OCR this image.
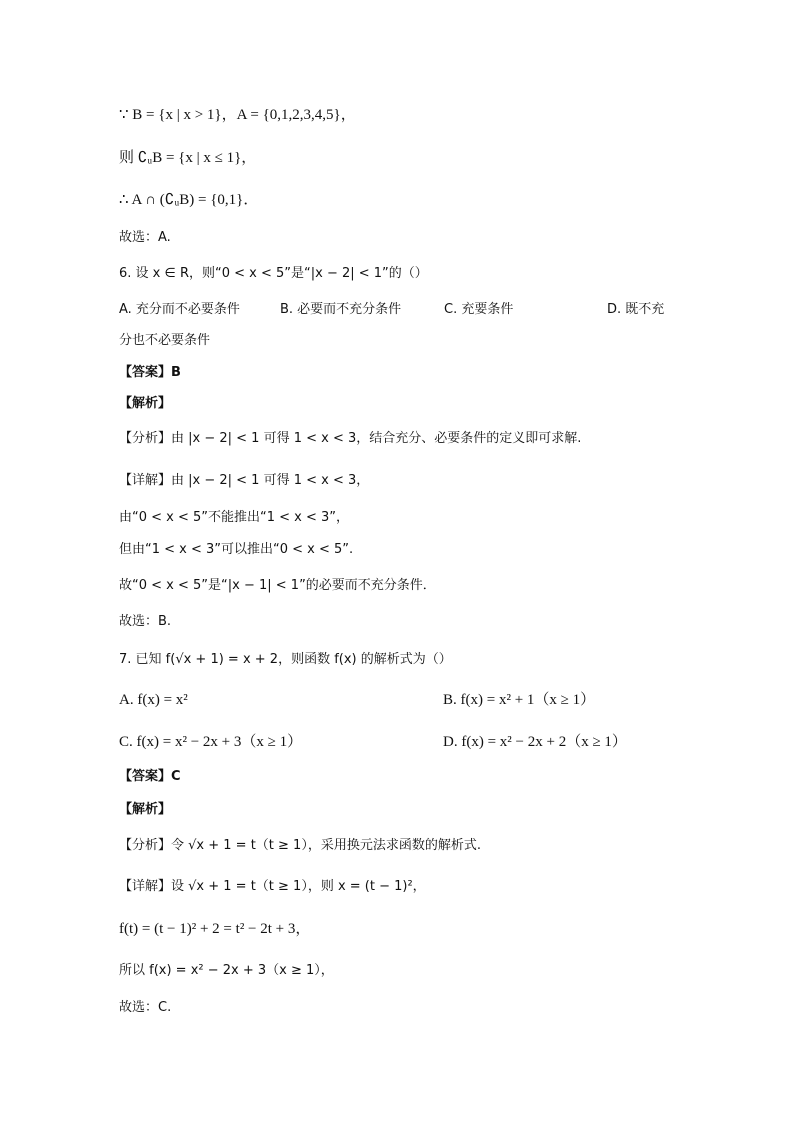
∵ B = {x | x > 1}，A = {0,1,2,3,4,5}，
则 ∁ᵤB = {x | x ≤ 1}，
∴ A ∩ (∁ᵤB) = {0,1}．
故选：A.
6. 设 x ∈ R，则“0 < x < 5”是“|x − 2| < 1”的（）
A. 充分而不必要条件	B. 必要而不充分条件	C. 充要条件	D. 既不充
分也不必要条件
【答案】B
【解析】
【分析】由 |x − 2| < 1 可得 1 < x < 3，结合充分、必要条件的定义即可求解.
【详解】由 |x − 2| < 1 可得 1 < x < 3，
由“0 < x < 5”不能推出“1 < x < 3”，
但由“1 < x < 3”可以推出“0 < x < 5”.
故“0 < x < 5”是“|x − 1| < 1”的必要而不充分条件．
故选：B.
7. 已知 f(√x + 1) = x + 2，则函数 f(x) 的解析式为（）
A. f(x) = x²	B. f(x) = x² + 1（x ≥ 1）
C. f(x) = x² − 2x + 3（x ≥ 1）	D. f(x) = x² − 2x + 2（x ≥ 1）
【答案】C
【解析】
【分析】令 √x + 1 = t（t ≥ 1），采用换元法求函数的解析式.
【详解】设 √x + 1 = t（t ≥ 1），则 x = (t − 1)²，
f(t) = (t − 1)² + 2 = t² − 2t + 3，
所以 f(x) = x² − 2x + 3（x ≥ 1），
故选：C.
